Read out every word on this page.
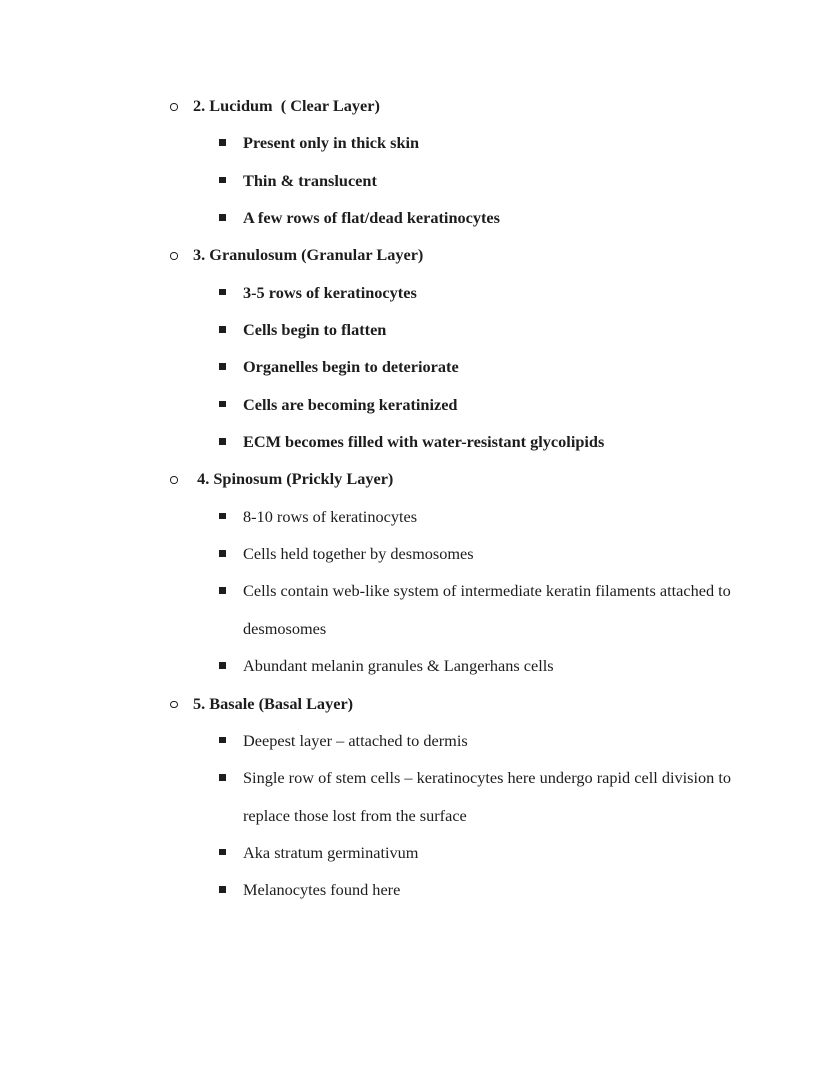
2. Lucidum  ( Clear Layer)
Present only in thick skin
Thin & translucent
A few rows of flat/dead keratinocytes
3. Granulosum (Granular Layer)
3-5 rows of keratinocytes
Cells begin to flatten
Organelles begin to deteriorate
Cells are becoming keratinized
ECM becomes filled with water-resistant glycolipids
4. Spinosum (Prickly Layer)
8-10 rows of keratinocytes
Cells held together by desmosomes
Cells contain web-like system of intermediate keratin filaments attached to desmosomes
Abundant melanin granules & Langerhans cells
5. Basale (Basal Layer)
Deepest layer – attached to dermis
Single row of stem cells – keratinocytes here undergo rapid cell division to replace those lost from the surface
Aka stratum germinativum
Melanocytes found here
